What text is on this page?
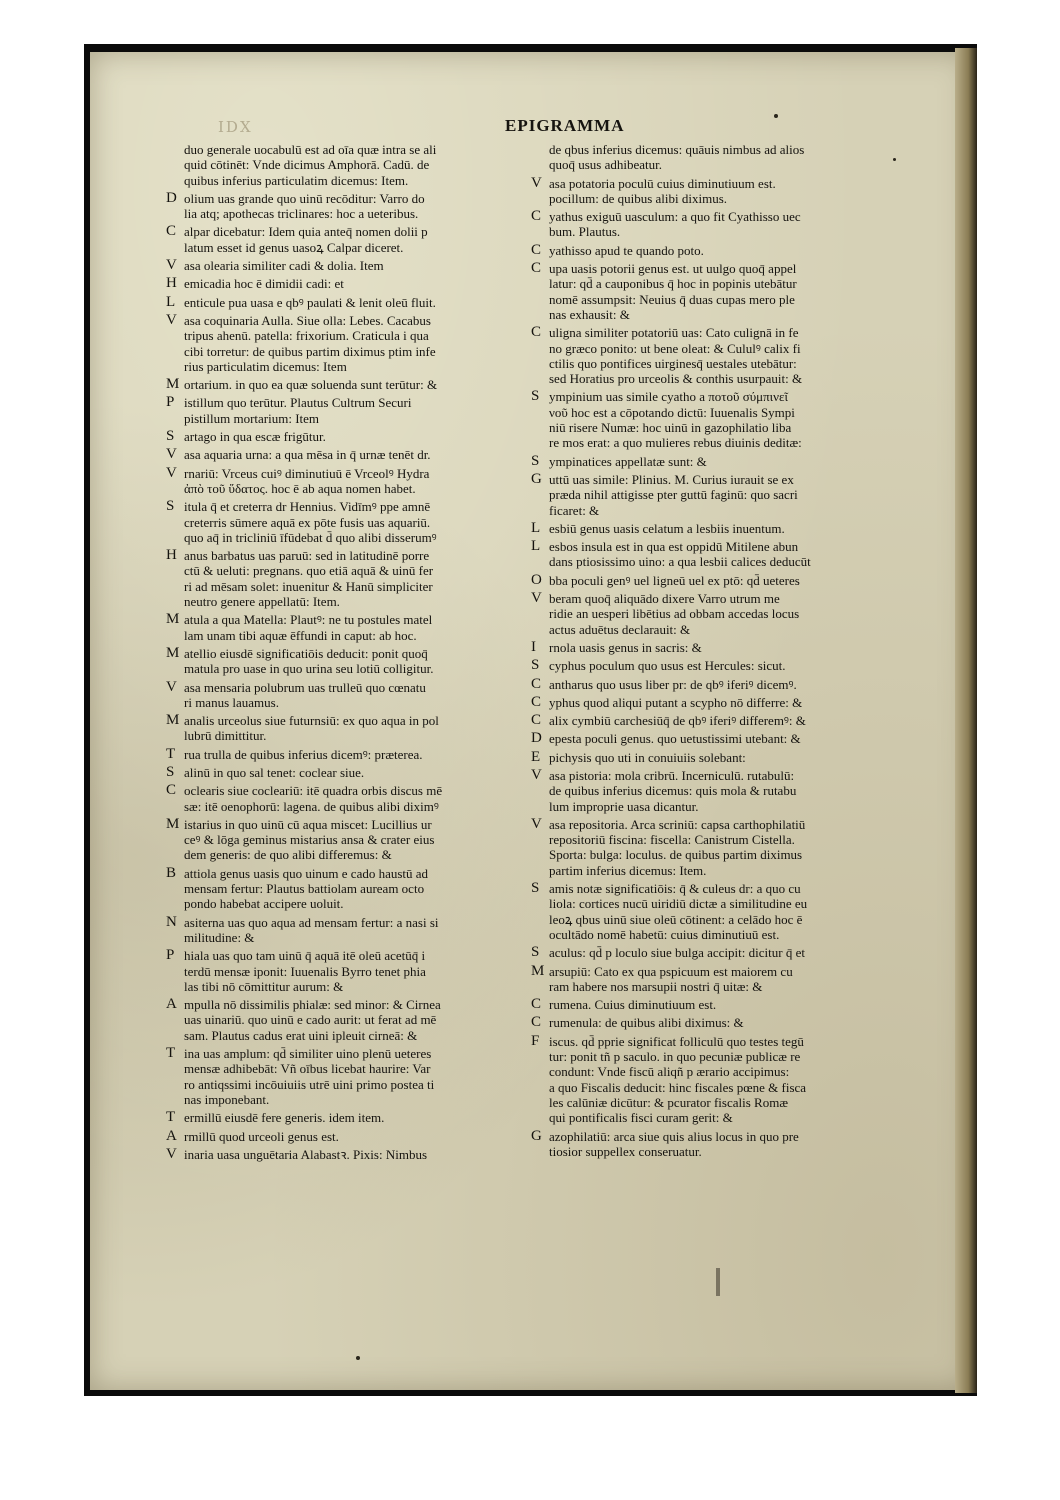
IDX	EPIGRAMMA
duo generale uocabulū est ad oīa quæ intra se ali
quid cōtinēt: Vnde dicimus Amphorā. Cadū. de
quibus inferius particulatim dicemus: Item.
D olium uas grande quo uinū recōditur: Varro do
lia atq; apothecas triclinares: hoc a ueteribus.
C alpar dicebatur: Idem quia anteq̄ nomen dolii p
latum esset id genus uasoꝝ Calpar diceret.
V asa olearia similiter cadi & dolia. Item
H emicadia hoc ē dimidii cadi: et
L enticule pua uasa e qbꝰ paulati & lenit oleū fluit.
V asa coquinaria Aulla. Siue olla: Lebes. Cacabus
tripus ahenū. patella: frixorium. Craticula i qua
cibi torretur: de quibus partim diximus ptim infe
rius particulatim dicemus: Item
M ortarium. in quo ea quæ soluenda sunt terūtur: &
P istillum quo terūtur. Plautus Cultrum Securi
pistillum mortarium: Item
S artago in qua escæ frigūtur.
V asa aquaria urna: a qua mēsa in q̄ urnæ tenēt dr.
V rnariū: Vrceus cuiꝰ diminutiuū ē Vrceolꝰ Hydra
ἀπὸ τοῦ ὕδατος. hoc ē ab aqua nomen habet.
S itula q̄ et creterra dr Hennius. Vidīmꝰ ppe amnē
creterris sūmere aquā ex pōte fusis uas aquariū.
quo aq̄ in tricliniū īfūdebat d̄ quo alibi disserumꝰ
H anus barbatus uas paruū: sed in latitudinē porre
ctū & ueluti: pregnans. quo etiā aquā & uinū fer
ri ad mēsam solet: inuenitur & Hanū simpliciter
neutro genere appellatū: Item.
M atula a qua Matella: Plautꝰ: ne tu postules matel
lam unam tibi aquæ ēffundi in caput: ab hoc.
M atellio eiusdē significatiōis deducit: ponit quoq̄
matula pro uase in quo urina seu lotiū colligitur.
V asa mensaria polubrum uas trulleū quo cœnatu
ri manus lauamus.
M analis urceolus siue futurnsiū: ex quo aqua in pol
lubrū dimittitur.
T rua trulla de quibus inferius dicemꝰ: præterea.
S alinū in quo sal tenet: coclear siue.
C oclearis siue cocleariū: itē quadra orbis discus mē
sæ: itē oenophorū: lagena. de quibus alibi diximꝰ
M istarius in quo uinū cū aqua miscet: Lucillius ur
ceꝰ & lōga geminus mistarius ansa & crater eius
dem generis: de quo alibi differemus: &
B attiola genus uasis quo uinum e cado haustū ad
mensam fertur: Plautus battiolam auream octo
pondo habebat accipere uoluit.
N asiterna uas quo aqua ad mensam fertur: a nasi si
militudine: &
P hiala uas quo tam uinū q̄ aquā itē oleū acetūq̄ i
terdū mensæ iponit: Iuuenalis Byrro tenet phia
las tibi nō cōmittitur aurum: &
A mpulla nō dissimilis phialæ: sed minor: & Cirnea
uas uinariū. quo uinū e cado aurit: ut ferat ad mē
sam. Plautus cadus erat uini ipleuit cirneā: &
T ina uas amplum: qd̄ similiter uino plenū ueteres
mensæ adhibebāt: Vñ oībus licebat haurire: Var
ro antiqssimi incōuiuiis utrē uini primo postea ti
nas imponebant.
T ermillū eiusdē fere generis. idem item.
A rmillū quod urceoli genus est.
V inaria uasa unguētaria Alabastꝛ. Pixis: Nimbus
de qbus inferius dicemus: quāuis nimbus ad alios
quoq̄ usus adhibeatur.
V asa potatoria poculū cuius diminutiuum est.
pocillum: de quibus alibi diximus.
C yathus exiguū uasculum: a quo fit Cyathisso uec
bum. Plautus.
C yathisso apud te quando poto.
C upa uasis potorii genus est. ut uulgo quoq̄ appel
latur: qd̄ a cauponibus q̄ hoc in popinis utebātur
nomē assumpsit: Neuius q̄ duas cupas mero ple
nas exhausit: &
C uligna similiter potatoriū uas: Cato culignā in fe
no græco ponito: ut bene oleat: & Cululꝰ calix fi
ctilis quo pontifices uirginesq̄ uestales utebātur:
sed Horatius pro urceolis & conthis usurpauit: &
S ympinium uas simile cyatho a ποτοῦ σύμπινεῖ
νοῦ hoc est a cōpotando dictū: Iuuenalis Sympi
niū risere Numæ: hoc uinū in gazophilatio liba
re mos erat: a quo mulieres rebus diuinis deditæ:
S ympinatices appellatæ sunt: &
G uttū uas simile: Plinius. M. Curius iurauit se ex
præda nihil attigisse pter guttū faginū: quo sacri
ficaret: &
L esbiū genus uasis celatum a lesbiis inuentum.
L esbos insula est in qua est oppidū Mitilene abun
dans ptiosissimo uino: a qua lesbii calices deducūt
O bba poculi genꝰ uel ligneū uel ex ptō: qd̄ ueteres
V beram quoq̄ aliquādo dixere Varro utrum me
ridie an uesperi libētius ad obbam accedas locus
actus aduētus declarauit: &
I rnola uasis genus in sacris: &
S cyphus poculum quo usus est Hercules: sicut.
C antharus quo usus liber pr: de qbꝰ iferiꝰ dicemꝰ.
C yphus quod aliqui putant a scypho nō differre: &
C alix cymbiū carchesiūq̄ de qbꝰ iferiꝰ differemꝰ: &
D epesta poculi genus. quo uetustissimi utebant: &
E pichysis quo uti in conuiuiis solebant:
V asa pistoria: mola cribrū. Incerniculū. rutabulū:
de quibus inferius dicemus: quis mola & rutabu
lum improprie uasa dicantur.
V asa repositoria. Arca scriniū: capsa carthophilatiū
repositoriū fiscina: fiscella: Canistrum Cistella.
Sporta: bulga: loculus. de quibus partim diximus
partim inferius dicemus: Item.
S amis notæ significatiōis: q̄ & culeus dr: a quo cu
liola: cortices nucū uiridiū dictæ a similitudine eu
leoꝝ qbus uinū siue oleū cōtinent: a celādo hoc ē
ocultādo nomē habetū: cuius diminutiuū est.
S aculus: qd̄ p loculo siue bulga accipit: dicitur q̄ et
M arsupiū: Cato ex qua pspicuum est maiorem cu
ram habere nos marsupii nostri q̄ uitæ: &
C rumena. Cuius diminutiuum est.
C rumenula: de quibus alibi diximus: &
F iscus. qd̄ pprie significat folliculū quo testes tegū
tur: ponit tñ p saculo. in quo pecuniæ publicæ re
condunt: Vnde fiscū aliqñ p ærario accipimus:
a quo Fiscalis deducit: hinc fiscales pœne & fisca
les calūniæ dicūtur: & pcurator fiscalis Romæ
qui pontificalis fisci curam gerit: &
G azophilatiū: arca siue quis alius locus in quo pre
tiosior suppellex conseruatur.
